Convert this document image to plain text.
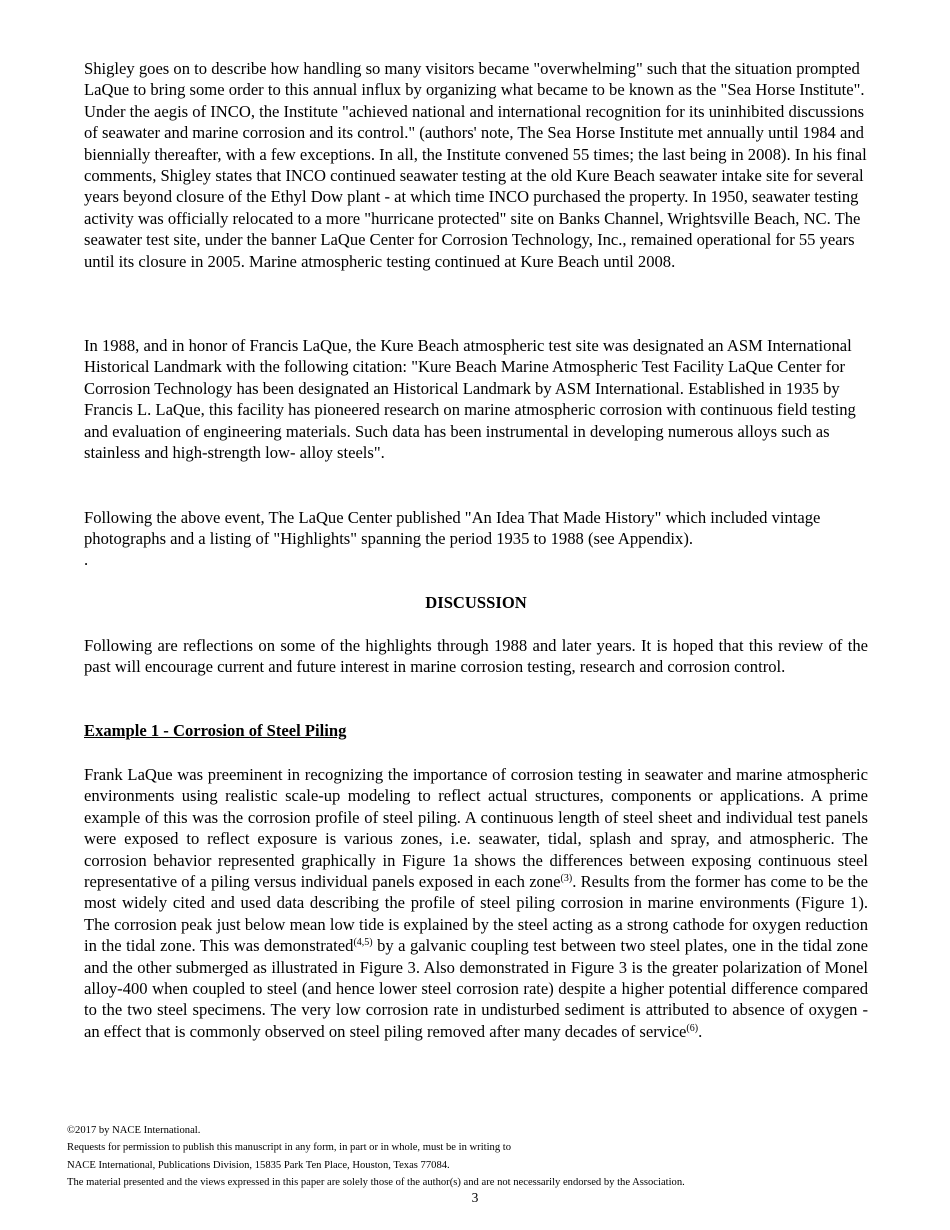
Shigley goes on to describe how handling so many visitors became "overwhelming" such that the situation prompted LaQue to bring some order to this annual influx by organizing what became to be known as the "Sea Horse Institute". Under the aegis of INCO, the Institute "achieved national and international recognition for its uninhibited discussions of seawater and marine corrosion and its control." (authors' note, The Sea Horse Institute met annually until 1984 and biennially thereafter, with a few exceptions. In all, the Institute convened 55 times; the last being in 2008). In his final comments, Shigley states that INCO continued seawater testing at the old Kure Beach seawater intake site for several years beyond closure of the Ethyl Dow plant - at which time INCO purchased the property. In 1950, seawater testing activity was officially relocated to a more "hurricane protected" site on Banks Channel, Wrightsville Beach, NC. The seawater test site, under the banner LaQue Center for Corrosion Technology, Inc., remained operational for 55 years until its closure in 2005. Marine atmospheric testing continued at Kure Beach until 2008.

In 1988, and in honor of Francis LaQue, the Kure Beach atmospheric test site was designated an ASM International Historical Landmark with the following citation: "Kure Beach Marine Atmospheric Test Facility LaQue Center for Corrosion Technology has been designated an Historical Landmark by ASM International. Established in 1935 by Francis L. LaQue, this facility has pioneered research on marine atmospheric corrosion with continuous field testing and evaluation of engineering materials. Such data has been instrumental in developing numerous alloys such as stainless and high-strength low- alloy steels".

Following the above event, The LaQue Center published "An Idea That Made History" which included vintage photographs and a listing of "Highlights" spanning the period 1935 to 1988 (see Appendix).

.
DISCUSSION

Following are reflections on some of the highlights through 1988 and later years. It is hoped that this review of the past will encourage current and future interest in marine corrosion testing, research and corrosion control.

Example 1 - Corrosion of Steel Piling

Frank LaQue was preeminent in recognizing the importance of corrosion testing in seawater and marine atmospheric environments using realistic scale-up modeling to reflect actual structures, components or applications. A prime example of this was the corrosion profile of steel piling. A continuous length of steel sheet and individual test panels were exposed to reflect exposure is various zones, i.e. seawater, tidal, splash and spray, and atmospheric. The corrosion behavior represented graphically in Figure 1a shows the differences between exposing continuous steel representative of a piling versus individual panels exposed in each zone$^{(3)}$. Results from the former has come to be the most widely cited and used data describing the profile of steel piling corrosion in marine environments (Figure 1). The corrosion peak just below mean low tide is explained by the steel acting as a strong cathode for oxygen reduction in the tidal zone. This was demonstrated$^{(4,5)}$ by a galvanic coupling test between two steel plates, one in the tidal zone and the other submerged as illustrated in Figure 3. Also demonstrated in Figure 3 is the greater polarization of Monel alloy-400 when coupled to steel (and hence lower steel corrosion rate) despite a higher potential difference compared to the two steel specimens. The very low corrosion rate in undisturbed sediment is attributed to absence of oxygen - an effect that is commonly observed on steel piling removed after many decades of service$^{(6)}$.

©2017 by NACE International.
Requests for permission to publish this manuscript in any form, in part or in whole, must be in writing to
NACE International, Publications Division, 15835 Park Ten Place, Houston, Texas 77084.
The material presented and the views expressed in this paper are solely those of the author(s) and are not necessarily endorsed by the Association.
3
